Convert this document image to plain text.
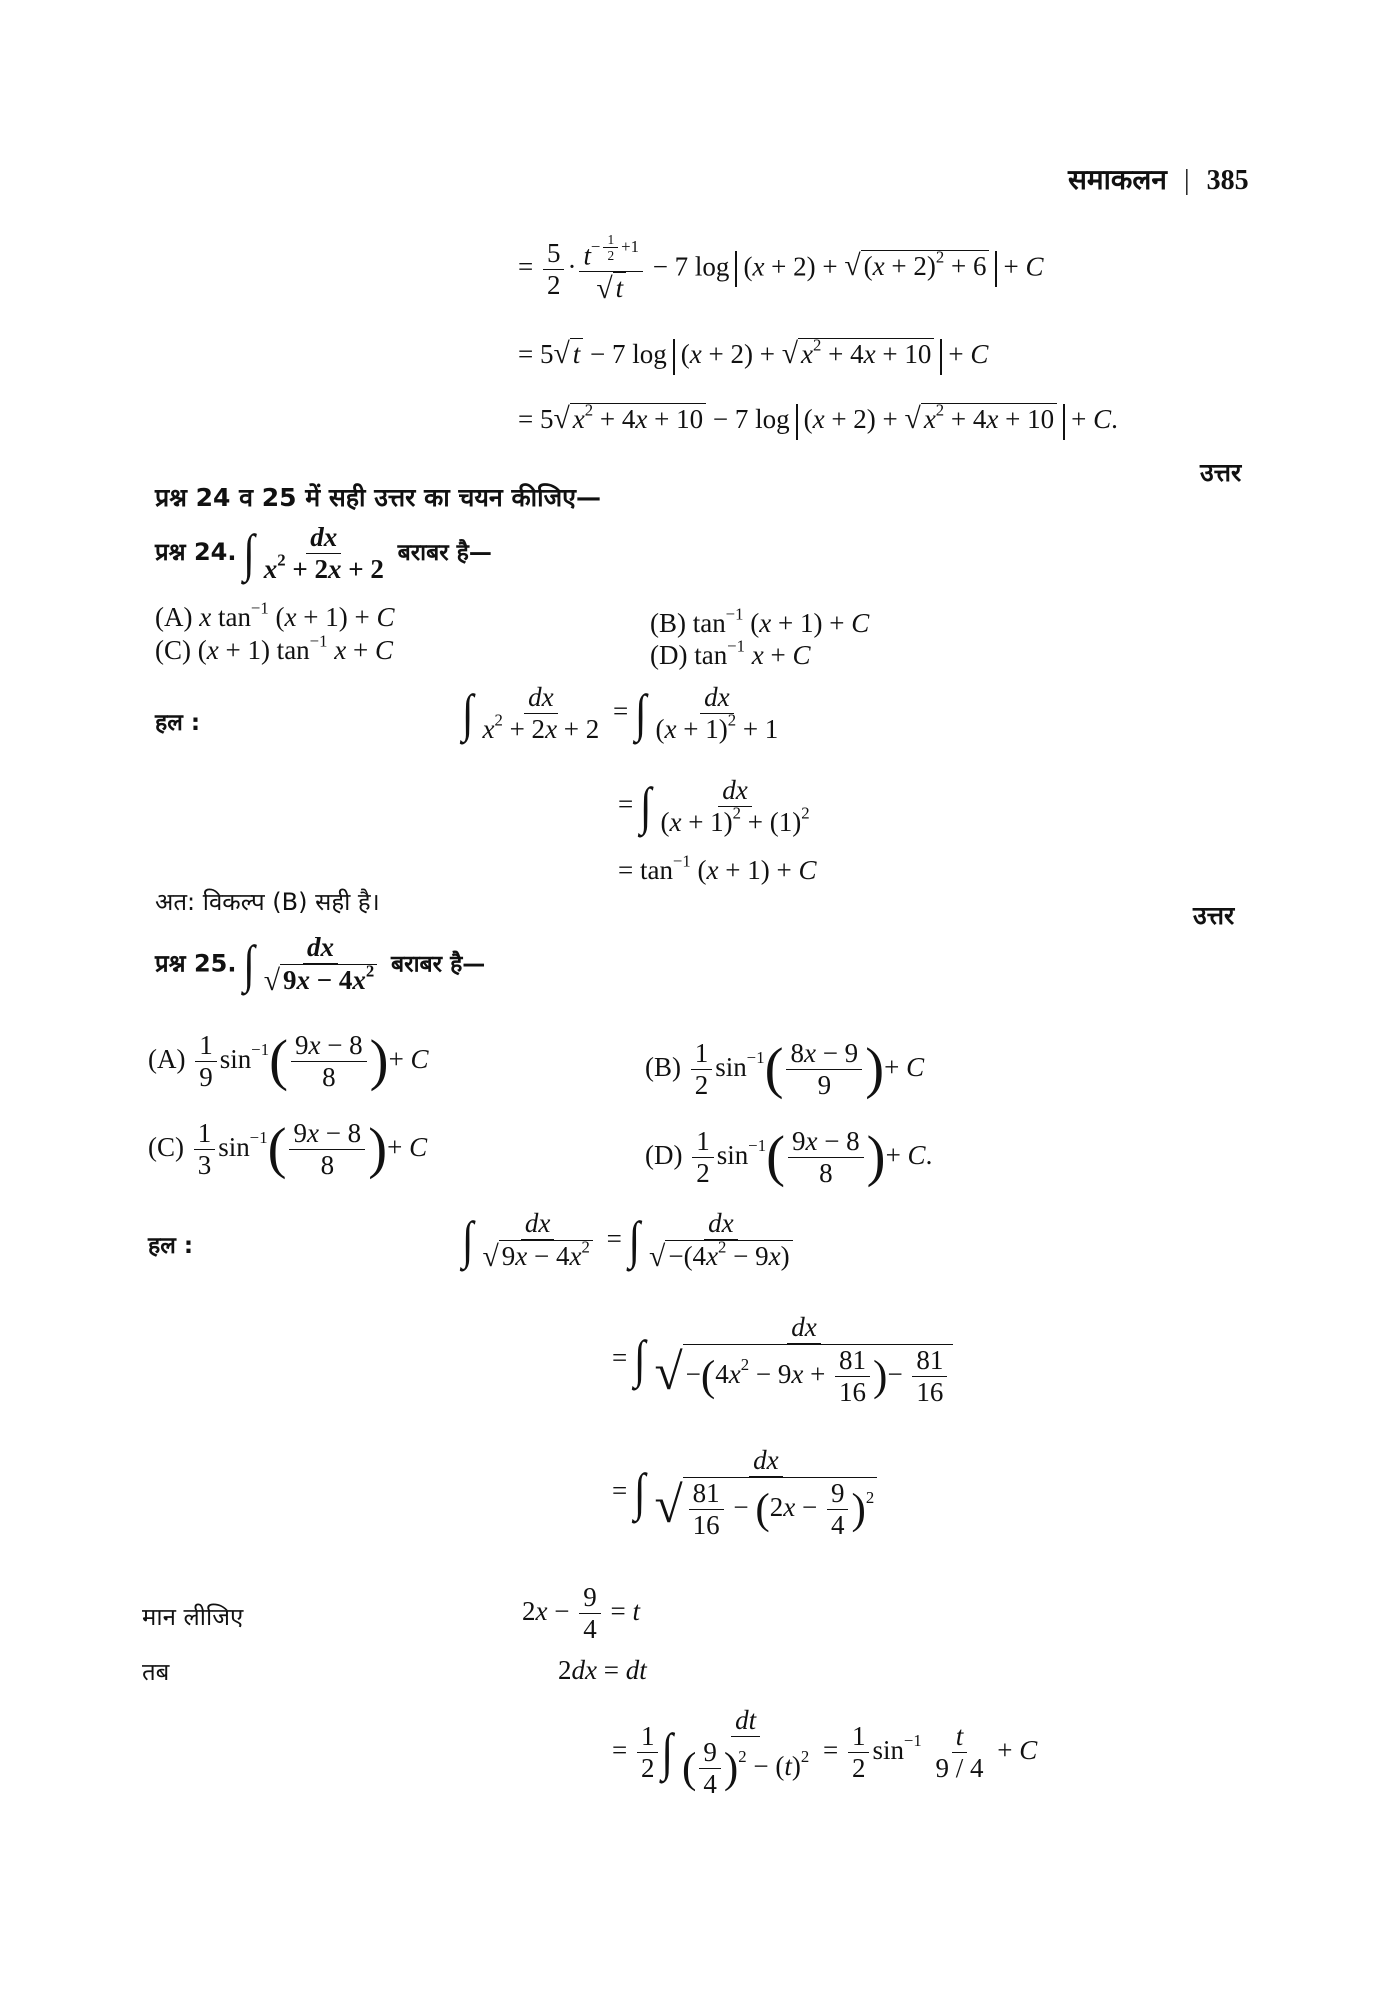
समाकलन | 385
= $\frac{5}{2} \cdot t^{- \frac{1}{2} +1}$
√ t − 7 log (x + 2) + √ $(x + 2)^2 + 6 + C$
= 5 √ t − 7 log (x + 2) + √ $x^2 + 4x + 10 + C$
= 5 √ $x^2 + 4x + 10 - 7$ log (x + 2) + √ $x^2 + 4x + 10 + C$.
उत्तर
प्रश्न 24 व 25 में सही उत्तर का चयन कीजिए—
प्रश्न 24. ∫ $\frac{dx}{x^2 + 2x + 2}$ बराबर है—
(A) x $\tan^{-1} (x + 1) + C$	(B) $\tan^{-1} (x + 1) + C$
(C) (x + 1) $\tan^{-1} x + C$	(D) $\tan^{-1} x + C$
हल :	∫ $\frac{dx}{x^2 + 2x + 2}$ = ∫ $\frac{dx}{(x + 1)^2 + 1}$
= ∫ $\frac{dx}{(x + 1)^2 + (1)^2}$
= $\tan^{-1} (x + 1) + C$
अत: विकल्प (B) सही है।	उत्तर
प्रश्न 25. ∫ $\frac{dx}{√ 9x - 4x^2}$ बराबर है—
$(A) \frac{1}{9} \sin^{-1}( \frac{9x - 8}{8}$ )+ C	$(B) \frac{1}{2} \sin^{-1}( \frac{8x - 9}{9}$ )+ C
$(C) \frac{1}{3} \sin^{-1}( \frac{9x - 8}{8}$ )+ C	$(D) \frac{1}{2} \sin^{-1}( \frac{9x - 8}{8}$ )+ C.
हल :	∫ $\frac{dx}{√ 9x - 4x^2}$ = ∫ $\frac{dx}{√ -(4x^2 - 9x)}$
= ∫ $\frac{dx}{√ -(4x^2 - 9x + \frac{81}{16} )- \frac{81}{16}}$
= ∫ $\frac{dx}{√ \frac{81}{16} - (2x - \frac{9}{4} )^2}$
मान लीजिए	$2x - \frac{9}{4} = t$
तब	2dx = dt
= $\frac{1}{2}$ ∫ $\frac{dt}{( \frac{9}{4} )^2 - (t)^2} = \frac{1}{2} \sin^{-1} \frac{t}{9 / 4} + C$
